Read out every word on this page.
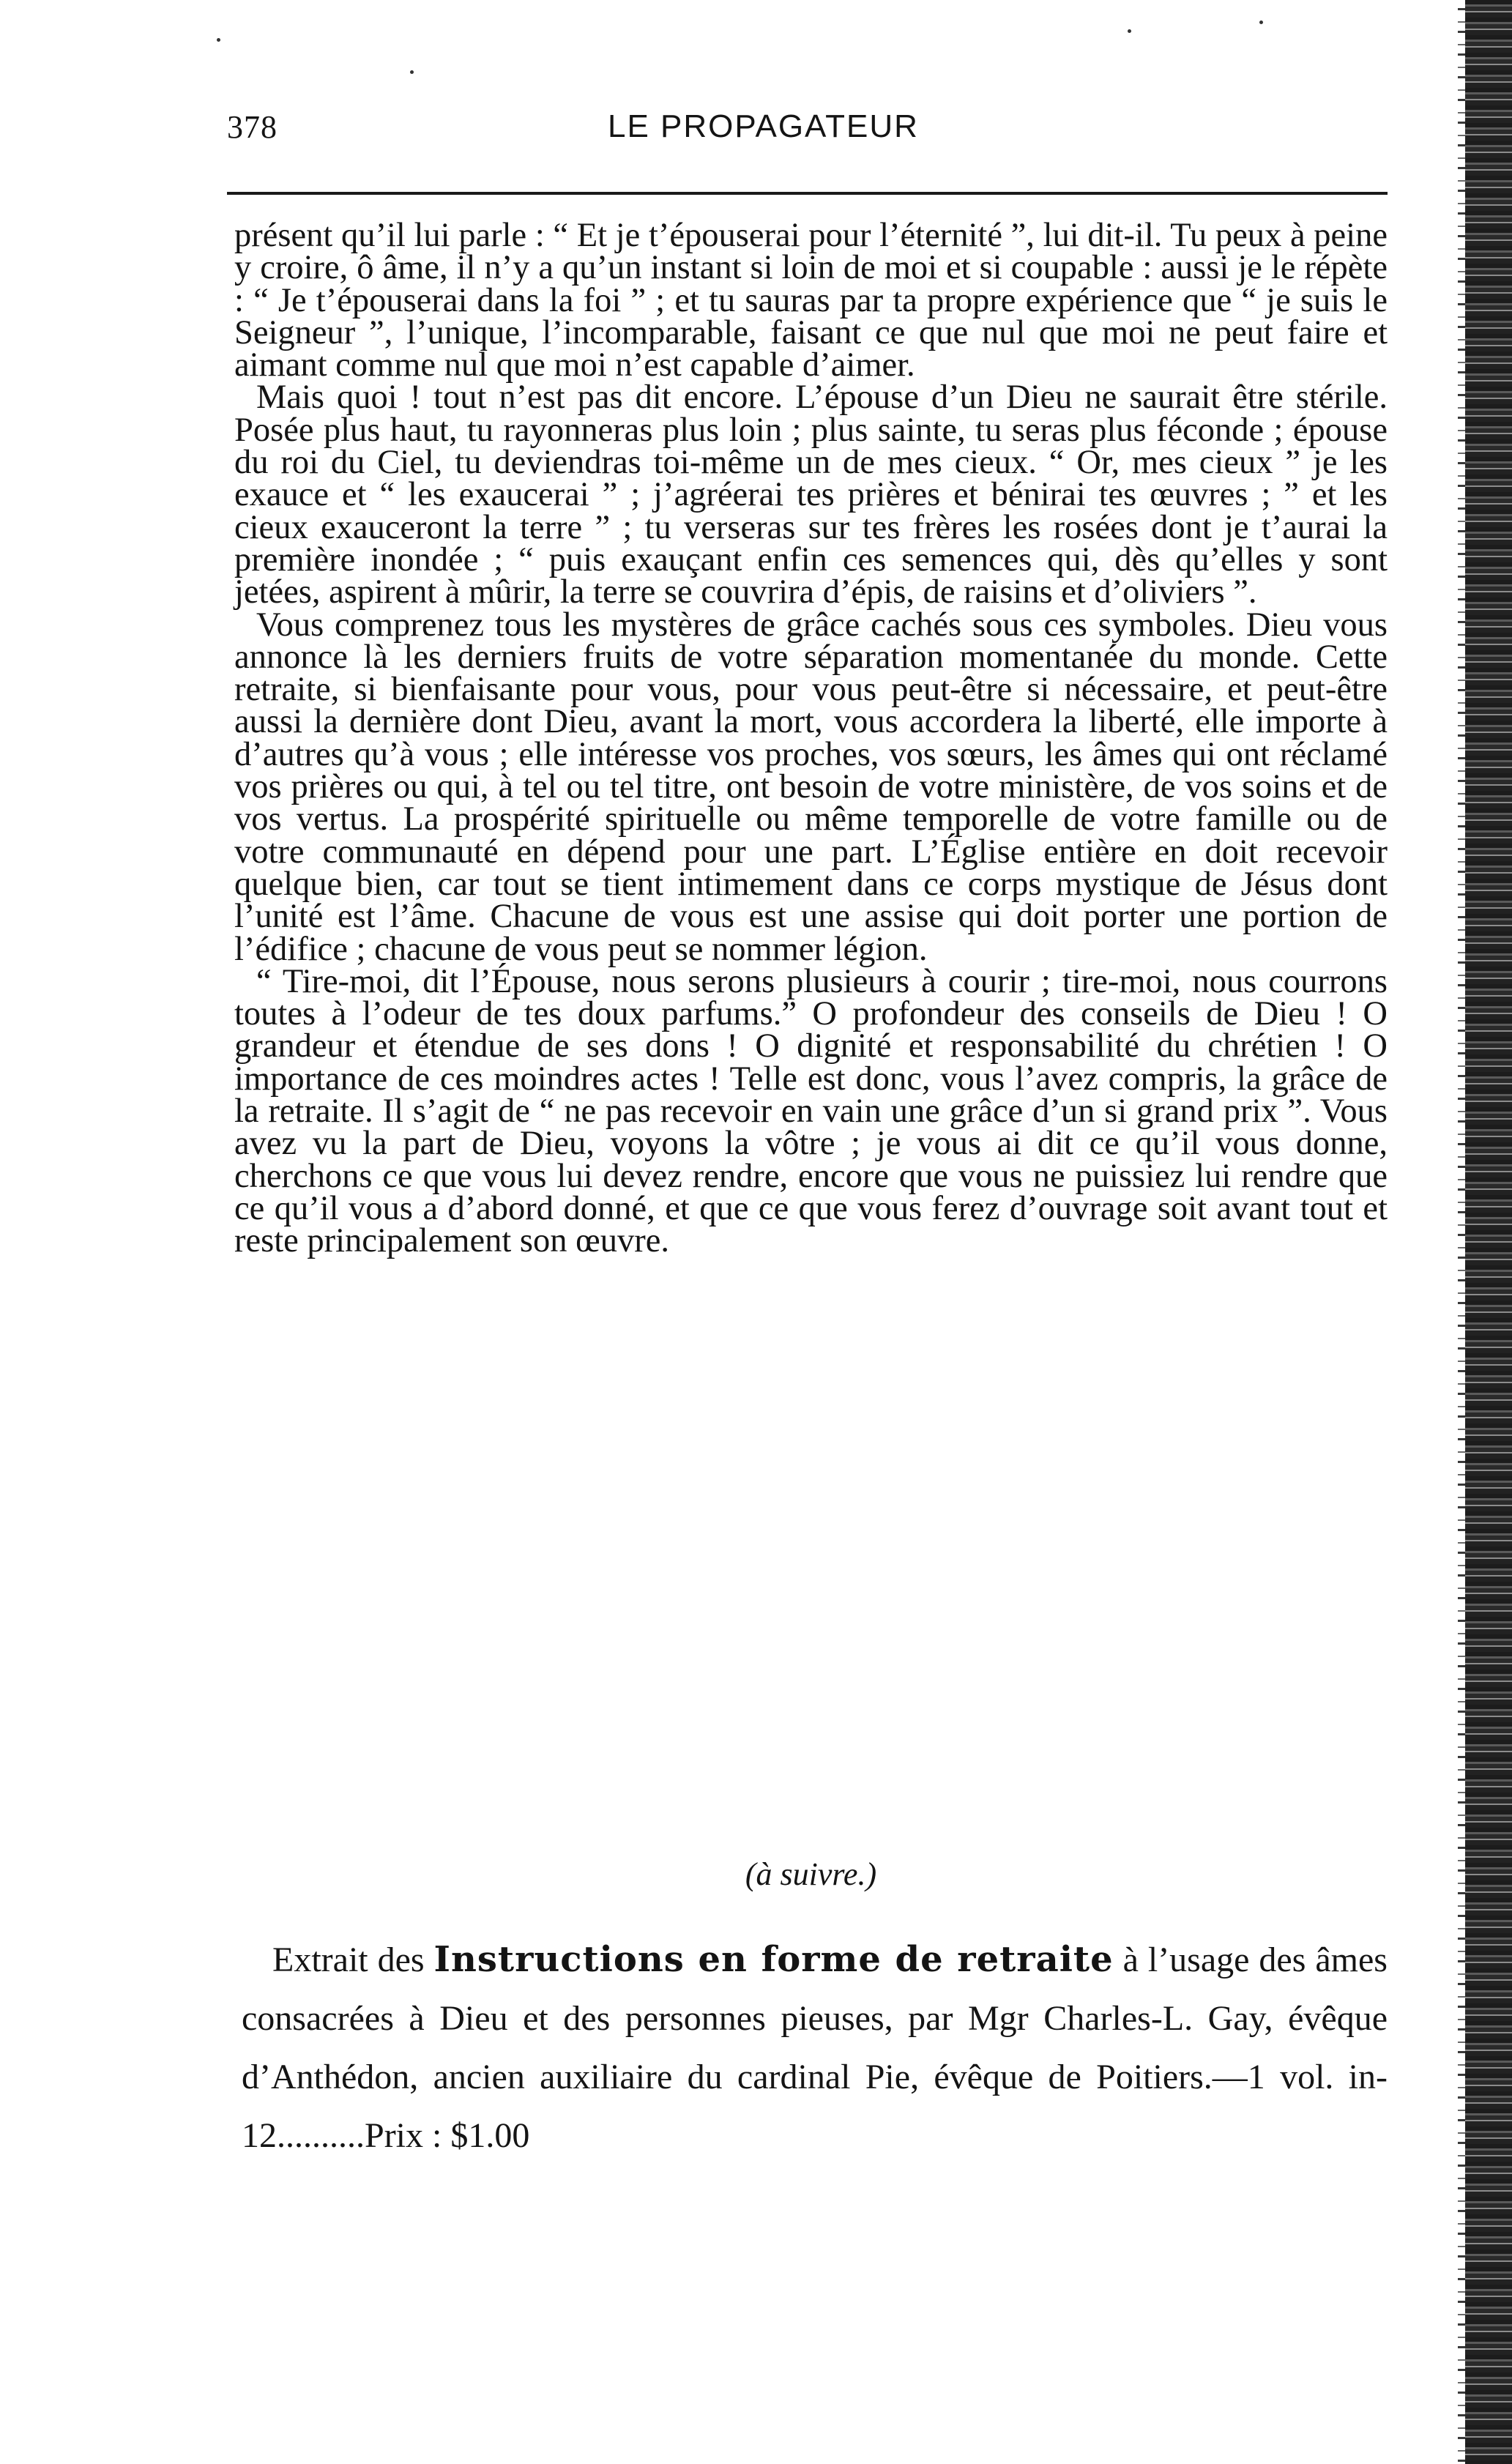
378	LE PROPAGATEUR

présent qu’il lui parle : “ Et je t’épouserai pour l’éternité ”, lui dit-il. Tu peux à peine y croire, ô âme, il n’y a qu’un instant si loin de moi et si coupable : aussi je le répète : “ Je t’épouserai dans la foi ” ; et tu sauras par ta propre expérience que “ je suis le Seigneur ”, l’unique, l’incomparable, faisant ce que nul que moi ne peut faire et aimant comme nul que moi n’est capable d’aimer.

Mais quoi ! tout n’est pas dit encore. L’épouse d’un Dieu ne saurait être stérile. Posée plus haut, tu rayonneras plus loin ; plus sainte, tu seras plus féconde ; épouse du roi du Ciel, tu deviendras toi-même un de mes cieux. “ Or, mes cieux ” je les exauce et “ les exaucerai ” ; j’agréerai tes prières et bénirai tes œuvres ; ” et les cieux exauceront la terre ” ; tu verseras sur tes frères les rosées dont je t’aurai la première inondée ; “ puis exauçant enfin ces semences qui, dès qu’elles y sont jetées, aspirent à mûrir, la terre se couvrira d’épis, de raisins et d’oliviers ”.

Vous comprenez tous les mystères de grâce cachés sous ces symboles. Dieu vous annonce là les derniers fruits de votre séparation momentanée du monde. Cette retraite, si bienfaisante pour vous, pour vous peut-être si nécessaire, et peut-être aussi la dernière dont Dieu, avant la mort, vous accordera la liberté, elle importe à d’autres qu’à vous ; elle intéresse vos proches, vos sœurs, les âmes qui ont réclamé vos prières ou qui, à tel ou tel titre, ont besoin de votre ministère, de vos soins et de vos vertus. La prospérité spirituelle ou même temporelle de votre famille ou de votre communauté en dépend pour une part. L’Église entière en doit recevoir quelque bien, car tout se tient intimement dans ce corps mystique de Jésus dont l’unité est l’âme. Chacune de vous est une assise qui doit porter une portion de l’édifice ; chacune de vous peut se nommer légion.

“ Tire-moi, dit l’Épouse, nous serons plusieurs à courir ; tire-moi, nous courrons toutes à l’odeur de tes doux parfums.” O profondeur des conseils de Dieu ! O grandeur et étendue de ses dons ! O dignité et responsabilité du chrétien ! O importance de ces moindres actes ! Telle est donc, vous l’avez compris, la grâce de la retraite. Il s’agit de “ ne pas recevoir en vain une grâce d’un si grand prix ”. Vous avez vu la part de Dieu, voyons la vôtre ; je vous ai dit ce qu’il vous donne, cherchons ce que vous lui devez rendre, encore que vous ne puissiez lui rendre que ce qu’il vous a d’abord donné, et que ce que vous ferez d’ouvrage soit avant tout et reste principalement son œuvre.

(à suivre.)

Extrait des Instructions en forme de retraite à l’usage des âmes consacrées à Dieu et des personnes pieuses, par Mgr Charles-L. Gay, évêque d’Anthédon, ancien auxiliaire du cardinal Pie, évêque de Poitiers.—1 vol. in-12..........Prix : $1.00
